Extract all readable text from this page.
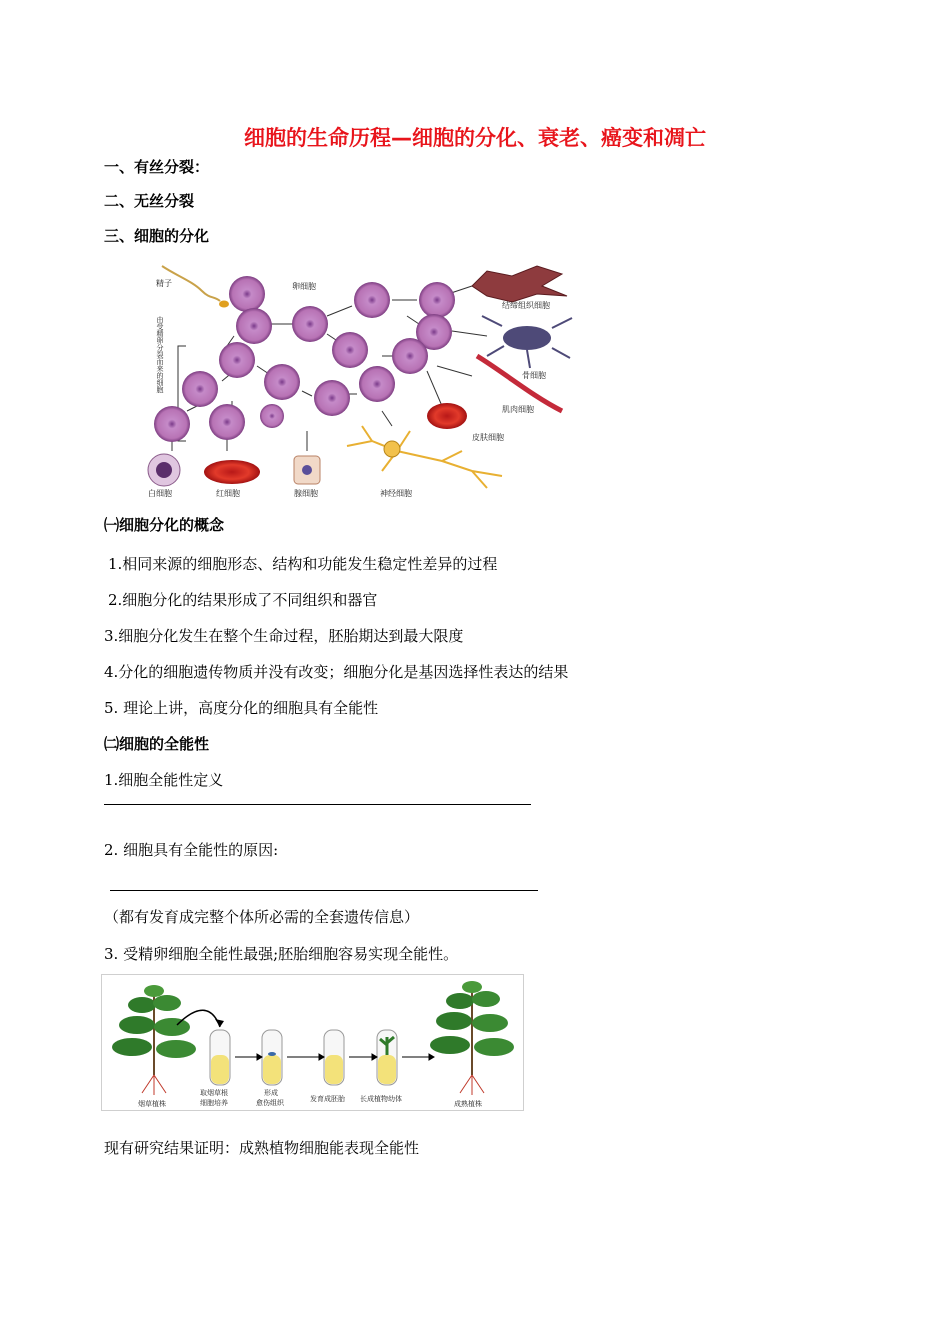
细胞的生命历程—细胞的分化、衰老、癌变和凋亡
一、有丝分裂：
二、无丝分裂
三、细胞的分化
精子
由受精卵分裂而来的细胞
结缔组织细胞
骨细胞
肌肉细胞
皮肤细胞
白细胞	红细胞	腺细胞	神经细胞
卵细胞
㈠细胞分化的概念
1.相同来源的细胞形态、结构和功能发生稳定性差异的过程
2.细胞分化的结果形成了不同组织和器官
3.细胞分化发生在整个生命过程，胚胎期达到最大限度
4.分化的细胞遗传物质并没有改变；细胞分化是基因选择性表达的结果
5. 理论上讲，高度分化的细胞具有全能性
㈡细胞的全能性
1.细胞全能性定义
2. 细胞具有全能性的原因:
（都有发育成完整个体所必需的全套遗传信息）
3. 受精卵细胞全能性最强;胚胎细胞容易实现全能性。
烟草植株
取烟草根
细胞培养
形成
愈伤组织	发育成胚胎 长成植物幼体
成熟植株
现有研究结果证明：成熟植物细胞能表现全能性
